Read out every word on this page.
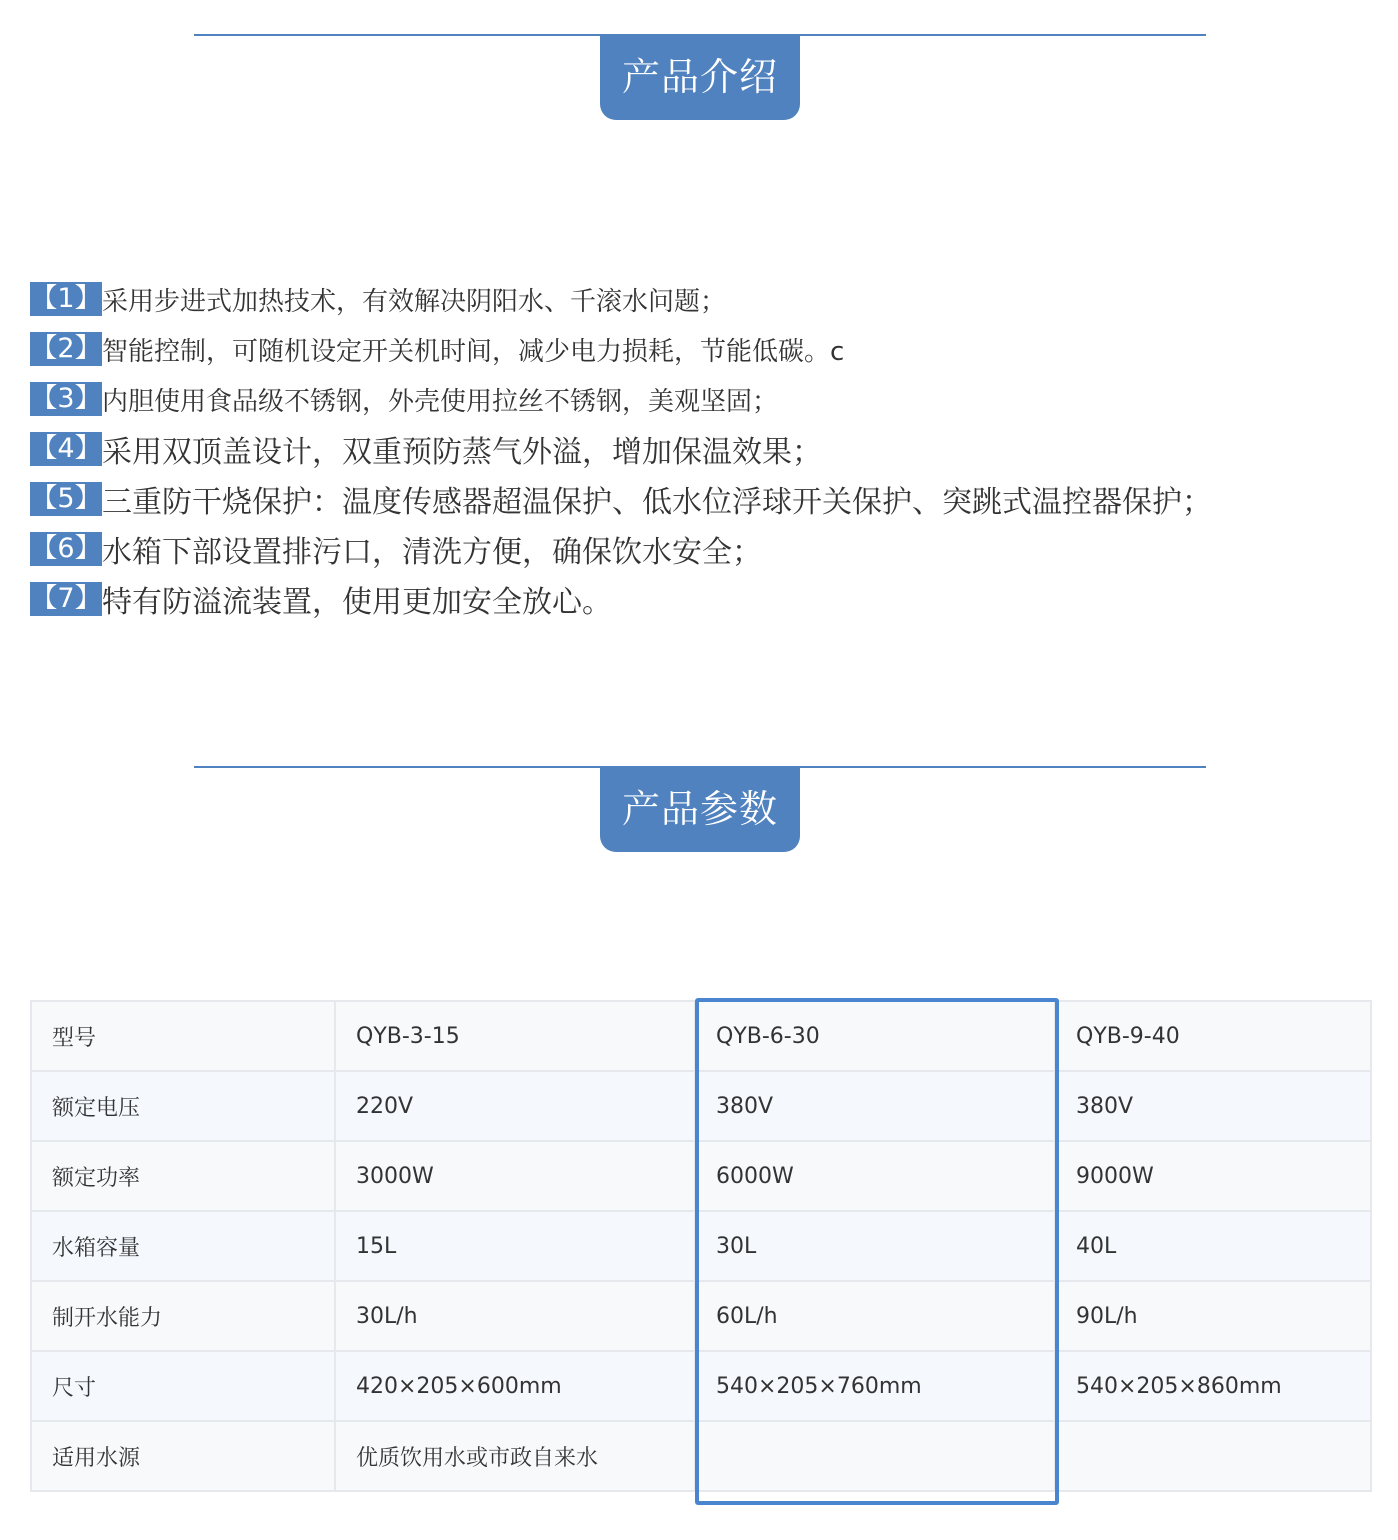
产品介绍
【1】 采用步进式加热技术，有效解决阴阳水、千滚水问题；
【2】 智能控制，可随机设定开关机时间，减少电力损耗，节能低碳。c
【3】 内胆使用食品级不锈钢，外壳使用拉丝不锈钢，美观坚固；
【4】 采用双顶盖设计，双重预防蒸气外溢，增加保温效果；
【5】 三重防干烧保护：温度传感器超温保护、低水位浮球开关保护、突跳式温控器保护；
【6】 水箱下部设置排污口，清洗方便，确保饮水安全；
【7】 特有防溢流装置，使用更加安全放心。
产品参数
型号	QYB-3-15	QYB-6-30	QYB-9-40
额定电压	220V	380V	380V
额定功率	3000W	6000W	9000W
水箱容量	15L	30L	40L
制开水能力	30L/h	60L/h	90L/h
尺寸	420×205×600mm	540×205×760mm	540×205×860mm
适用水源	优质饮用水或市政自来水		
